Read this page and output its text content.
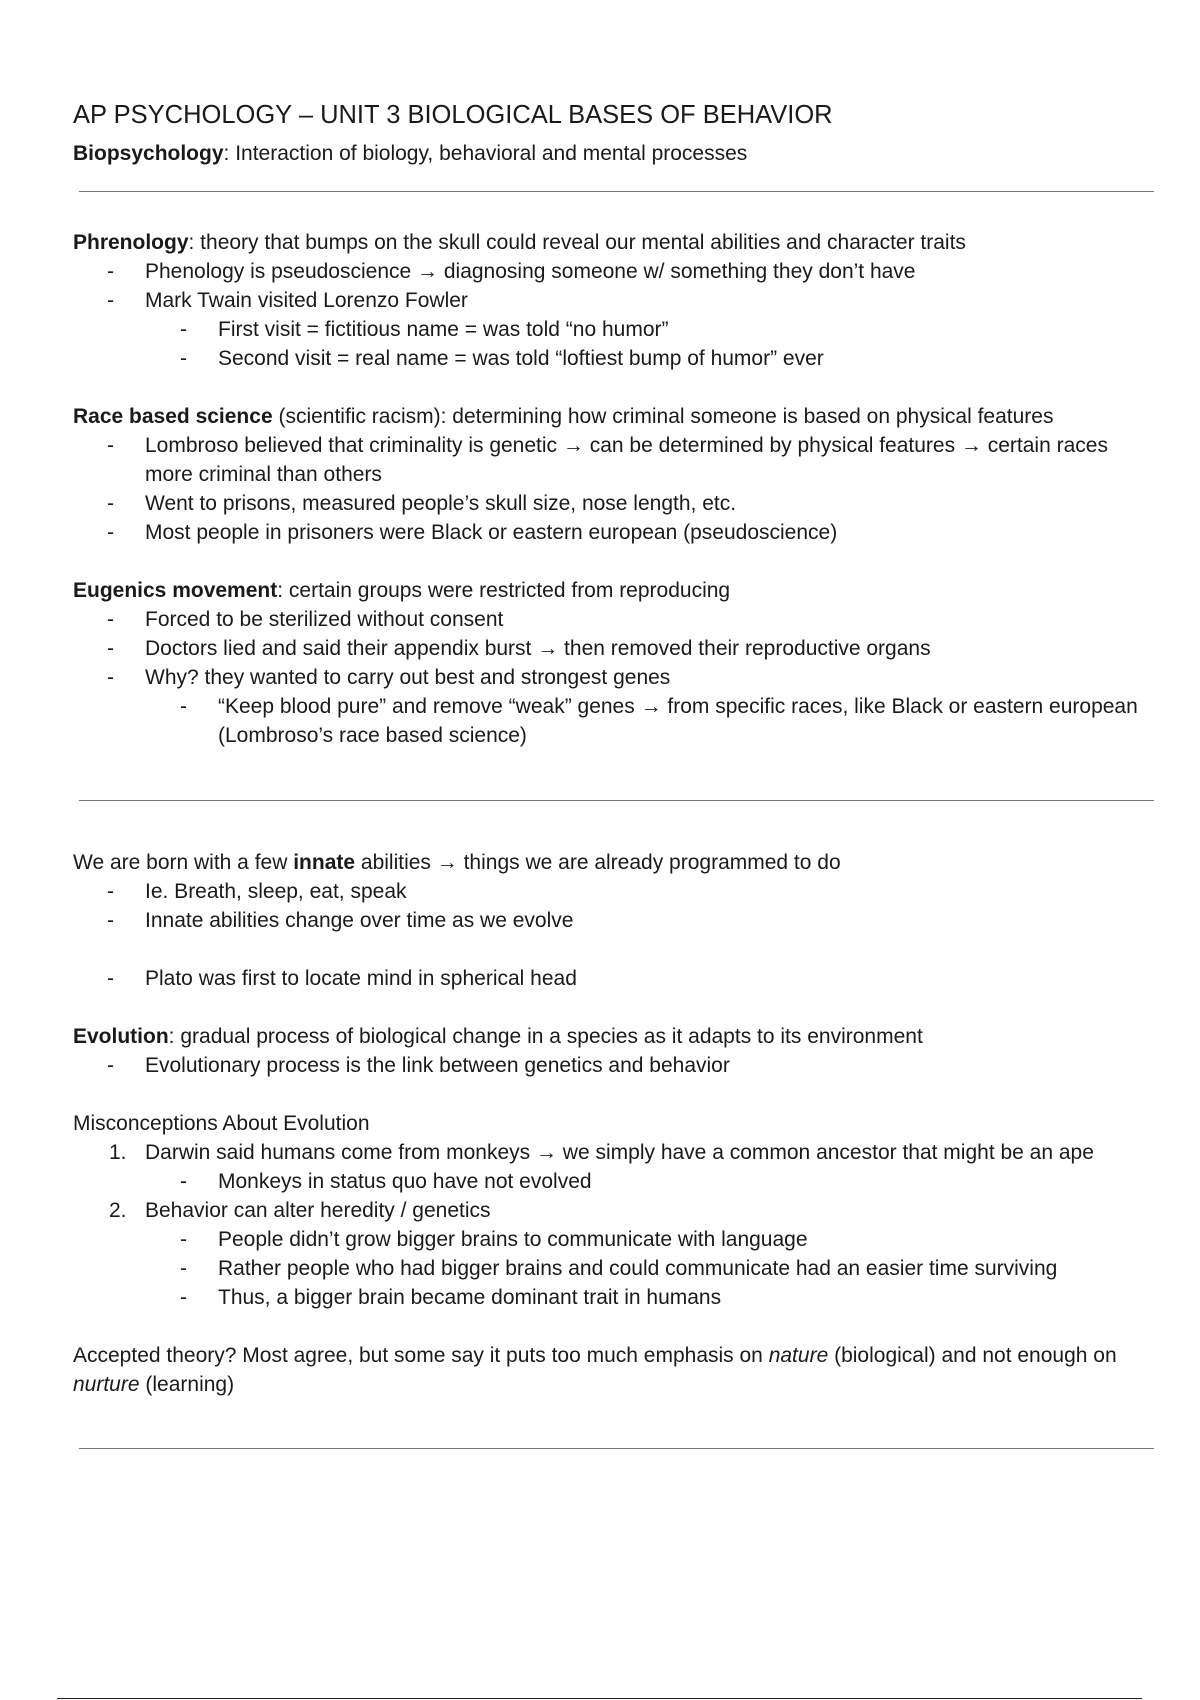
AP PSYCHOLOGY – UNIT 3 BIOLOGICAL BASES OF BEHAVIOR

Biopsychology: Interaction of biology, behavioral and mental processes

Phrenology: theory that bumps on the skull could reveal our mental abilities and character traits

- Phenology is pseudoscience → diagnosing someone w/ something they don’t have
- Mark Twain visited Lorenzo Fowler
- First visit = fictitious name = was told “no humor”
- Second visit = real name = was told “loftiest bump of humor” ever

Race based science (scientific racism): determining how criminal someone is based on physical features

- Lombroso believed that criminality is genetic → can be determined by physical features → certain races more criminal than others
- Went to prisons, measured people’s skull size, nose length, etc.
- Most people in prisoners were Black or eastern european (pseudoscience)

Eugenics movement: certain groups were restricted from reproducing

- Forced to be sterilized without consent
- Doctors lied and said their appendix burst → then removed their reproductive organs
- Why? they wanted to carry out best and strongest genes
- “Keep blood pure” and remove “weak” genes → from specific races, like Black or eastern european (Lombroso’s race based science)

We are born with a few innate abilities → things we are already programmed to do

- Ie. Breath, sleep, eat, speak
- Innate abilities change over time as we evolve
- Plato was first to locate mind in spherical head

Evolution: gradual process of biological change in a species as it adapts to its environment

- Evolutionary process is the link between genetics and behavior

Misconceptions About Evolution

1. Darwin said humans come from monkeys → we simply have a common ancestor that might be an ape
- Monkeys in status quo have not evolved
2. Behavior can alter heredity / genetics
- People didn’t grow bigger brains to communicate with language
- Rather people who had bigger brains and could communicate had an easier time surviving
- Thus, a bigger brain became dominant trait in humans

Accepted theory? Most agree, but some say it puts too much emphasis on nature (biological) and not enough on nurture (learning)
